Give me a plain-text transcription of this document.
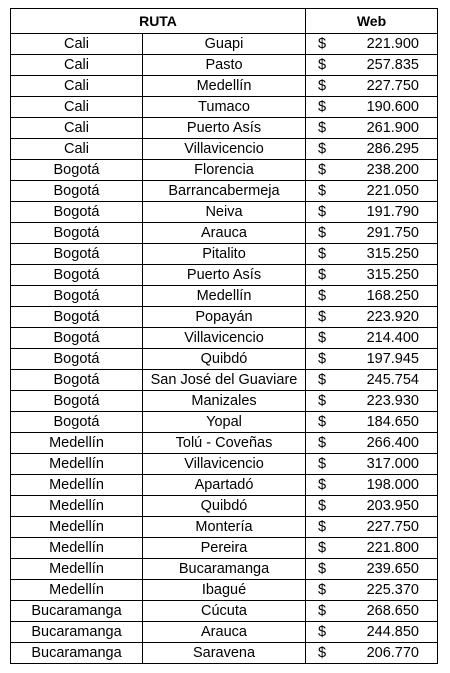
RUTA		Web	
Cali	Guapi	$	221.900
Cali	Pasto	$	257.835
Cali	Medellín	$	227.750
Cali	Tumaco	$	190.600
Cali	Puerto Asís	$	261.900
Cali	Villavicencio	$	286.295
Bogotá	Florencia	$	238.200
Bogotá	Barrancabermeja	$	221.050
Bogotá	Neiva	$	191.790
Bogotá	Arauca	$	291.750
Bogotá	Pitalito	$	315.250
Bogotá	Puerto Asís	$	315.250
Bogotá	Medellín	$	168.250
Bogotá	Popayán	$	223.920
Bogotá	Villavicencio	$	214.400
Bogotá	Quibdó	$	197.945
Bogotá	San José del Guaviare	$	245.754
Bogotá	Manizales	$	223.930
Bogotá	Yopal	$	184.650
Medellín	Tolú - Coveñas	$	266.400
Medellín	Villavicencio	$	317.000
Medellín	Apartadó	$	198.000
Medellín	Quibdó	$	203.950
Medellín	Montería	$	227.750
Medellín	Pereira	$	221.800
Medellín	Bucaramanga	$	239.650
Medellín	Ibagué	$	225.370
Bucaramanga	Cúcuta	$	268.650
Bucaramanga	Arauca	$	244.850
Bucaramanga	Saravena	$	206.770
